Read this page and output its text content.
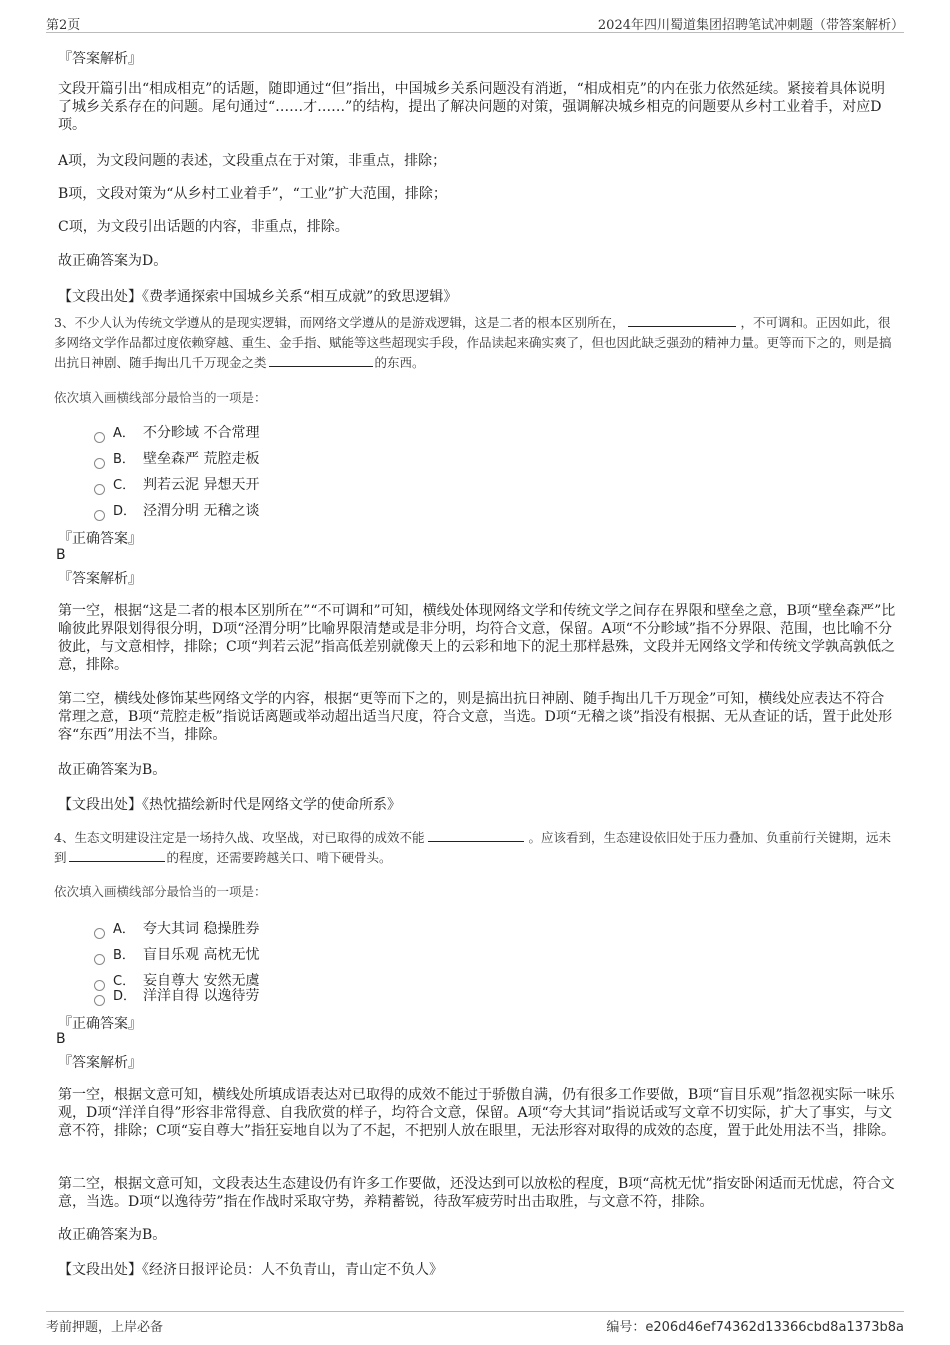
第2页	2024年四川蜀道集团招聘笔试冲刺题（带答案解析）
『答案解析』
文段开篇引出“相成相克”的话题，随即通过“但”指出，中国城乡关系问题没有消逝，“相成相克”的内在张力依然延续。紧接着具体说明了城乡关系存在的问题。尾句通过“……才……”的结构，提出了解决问题的对策，强调解决城乡相克的问题要从乡村工业着手，对应D项。
A项，为文段问题的表述，文段重点在于对策，非重点，排除；
B项，文段对策为“从乡村工业着手”，“工业”扩大范围，排除；
C项，为文段引出话题的内容，非重点，排除。
故正确答案为D。
【文段出处】《费孝通探索中国城乡关系“相互成就”的致思逻辑》
3、不少人认为传统文学遵从的是现实逻辑，而网络文学遵从的是游戏逻辑，这是二者的根本区别所在，	，不可调和。正因如此，很多网络文学作品都过度依赖穿越、重生、金手指、赋能等这些超现实手段，作品读起来确实爽了，但也因此缺乏强劲的精神力量。更等而下之的，则是搞出抗日神剧、随手掏出几千万现金之类	的东西。
依次填入画横线部分最恰当的一项是：
A． 不分畛域 不合常理
B． 壁垒森严 荒腔走板
C． 判若云泥 异想天开
D． 泾渭分明 无稽之谈
『正确答案』
B
『答案解析』
第一空，根据“这是二者的根本区别所在”“不可调和”可知，横线处体现网络文学和传统文学之间存在界限和壁垒之意，B项“壁垒森严”比喻彼此界限划得很分明，D项“泾渭分明”比喻界限清楚或是非分明，均符合文意，保留。A项“不分畛域”指不分界限、范围，也比喻不分彼此，与文意相悖，排除；C项“判若云泥”指高低差别就像天上的云彩和地下的泥土那样悬殊，文段并无网络文学和传统文学孰高孰低之意，排除。
第二空，横线处修饰某些网络文学的内容，根据“更等而下之的，则是搞出抗日神剧、随手掏出几千万现金”可知，横线处应表达不符合常理之意，B项“荒腔走板”指说话离题或举动超出适当尺度，符合文意，当选。D项“无稽之谈”指没有根据、无从查证的话，置于此处形容“东西”用法不当，排除。
故正确答案为B。
【文段出处】《热忱描绘新时代是网络文学的使命所系》
4、生态文明建设注定是一场持久战、攻坚战，对已取得的成效不能	。应该看到，生态建设依旧处于压力叠加、负重前行关键期，远未到	的程度，还需要跨越关口、啃下硬骨头。
依次填入画横线部分最恰当的一项是：
A． 夸大其词 稳操胜券
B． 盲目乐观 高枕无忧
C． 妄自尊大 安然无虞
D． 洋洋自得 以逸待劳
『正确答案』
B
『答案解析』
第一空，根据文意可知，横线处所填成语表达对已取得的成效不能过于骄傲自满，仍有很多工作要做，B项“盲目乐观”指忽视实际一味乐观，D项“洋洋自得”形容非常得意、自我欣赏的样子，均符合文意，保留。A项“夸大其词”指说话或写文章不切实际，扩大了事实，与文意不符，排除；C项“妄自尊大”指狂妄地自以为了不起，不把别人放在眼里，无法形容对取得的成效的态度，置于此处用法不当，排除。
第二空，根据文意可知，文段表达生态建设仍有许多工作要做，还没达到可以放松的程度，B项“高枕无忧”指安卧闲适而无忧虑，符合文意，当选。D项“以逸待劳”指在作战时采取守势，养精蓄锐，待敌军疲劳时出击取胜，与文意不符，排除。
故正确答案为B。
【文段出处】《经济日报评论员：人不负青山，青山定不负人》
考前押题，上岸必备	编号：e206d46ef74362d13366cbd8a1373b8a
